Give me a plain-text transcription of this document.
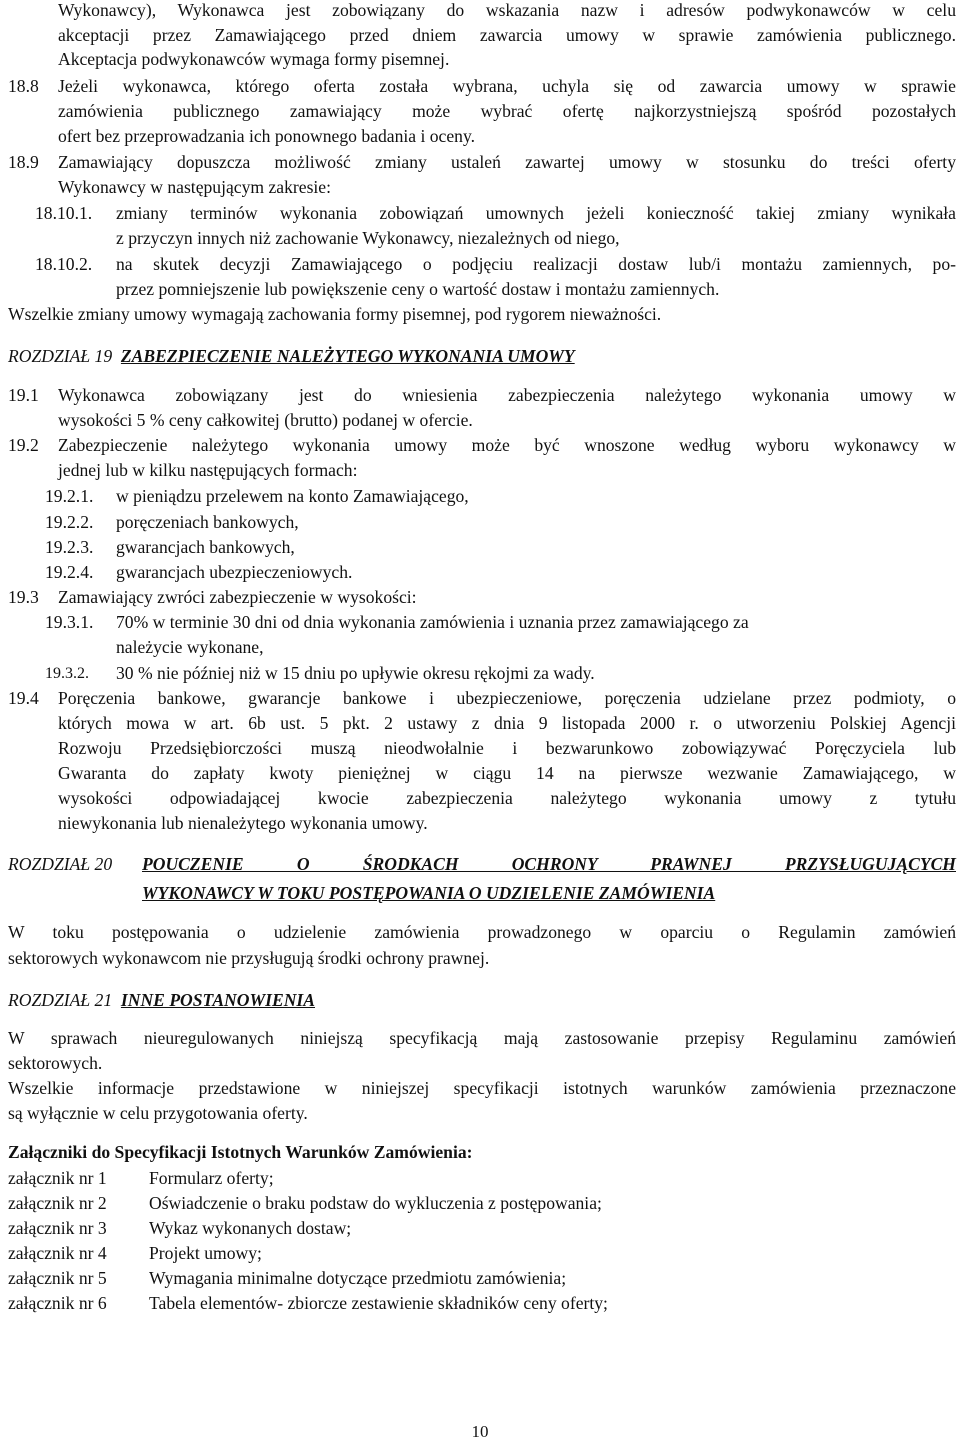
Wykonawcy), Wykonawca jest zobowiązany do wskazania nazw i adresów podwykonawców w celu
akceptacji przez Zamawiającego przed dniem zawarcia umowy w sprawie zamówienia publicznego.
Akceptacja podwykonawców wymaga formy pisemnej.
18.8 Jeżeli wykonawca, którego oferta została wybrana, uchyla się od zawarcia umowy w sprawie
zamówienia publicznego zamawiający może wybrać ofertę najkorzystniejszą spośród pozostałych
ofert bez przeprowadzania ich ponownego badania i oceny.
18.9 Zamawiający dopuszcza możliwość zmiany ustaleń zawartej umowy w stosunku do treści oferty
Wykonawcy w następującym zakresie:
18.10.1. zmiany terminów wykonania zobowiązań umownych jeżeli konieczność takiej zmiany wynikała
z przyczyn innych niż zachowanie Wykonawcy, niezależnych od niego,
18.10.2. na skutek decyzji Zamawiającego o podjęciu realizacji dostaw lub/i montażu zamiennych, po-
przez pomniejszenie lub powiększenie ceny o wartość dostaw i montażu zamiennych.
Wszelkie zmiany umowy wymagają zachowania formy pisemnej, pod rygorem nieważności.
ROZDZIAŁ 19 ZABEZPIECZENIE NALEŻYTEGO WYKONANIA UMOWY
19.1 Wykonawca zobowiązany jest do wniesienia zabezpieczenia należytego wykonania umowy w
wysokości 5 % ceny całkowitej (brutto) podanej w ofercie.
19.2 Zabezpieczenie należytego wykonania umowy może być wnoszone według wyboru wykonawcy w
jednej lub w kilku następujących formach:
19.2.1. w pieniądzu przelewem na konto Zamawiającego,
19.2.2. poręczeniach bankowych,
19.2.3. gwarancjach bankowych,
19.2.4. gwarancjach ubezpieczeniowych.
19.3 Zamawiający zwróci zabezpieczenie w wysokości:
19.3.1. 70% w terminie 30 dni od dnia wykonania zamówienia i uznania przez zamawiającego za
należycie wykonane,
19.3.2. 30 % nie później niż w 15 dniu po upływie okresu rękojmi za wady.
19.4 Poręczenia bankowe, gwarancje bankowe i ubezpieczeniowe, poręczenia udzielane przez podmioty, o
których mowa w art. 6b ust. 5 pkt. 2 ustawy z dnia 9 listopada 2000 r. o utworzeniu Polskiej Agencji
Rozwoju Przedsiębiorczości muszą nieodwołalnie i bezwarunkowo zobowiązywać Poręczyciela lub
Gwaranta do zapłaty kwoty pieniężnej w ciągu 14 na pierwsze wezwanie Zamawiającego, w
wysokości odpowiadającej kwocie zabezpieczenia należytego wykonania umowy z tytułu
niewykonania lub nienależytego wykonania umowy.
ROZDZIAŁ 20 POUCZENIE O ŚRODKACH OCHRONY PRAWNEJ PRZYSŁUGUJĄCYCH
WYKONAWCY W TOKU POSTĘPOWANIA O UDZIELENIE ZAMÓWIENIA
W toku postępowania o udzielenie zamówienia prowadzonego w oparciu o Regulamin zamówień
sektorowych wykonawcom nie przysługują środki ochrony prawnej.
ROZDZIAŁ 21 INNE POSTANOWIENIA
W sprawach nieuregulowanych niniejszą specyfikacją mają zastosowanie przepisy Regulaminu zamówień
sektorowych.
Wszelkie informacje przedstawione w niniejszej specyfikacji istotnych warunków zamówienia przeznaczone
są wyłącznie w celu przygotowania oferty.
Załączniki do Specyfikacji Istotnych Warunków Zamówienia:
załącznik nr 1 Formularz oferty;
załącznik nr 2 Oświadczenie o braku podstaw do wykluczenia z postępowania;
załącznik nr 3 Wykaz wykonanych dostaw;
załącznik nr 4 Projekt umowy;
załącznik nr 5 Wymagania minimalne dotyczące przedmiotu zamówienia;
załącznik nr 6 Tabela elementów- zbiorcze zestawienie składników ceny oferty;
10
